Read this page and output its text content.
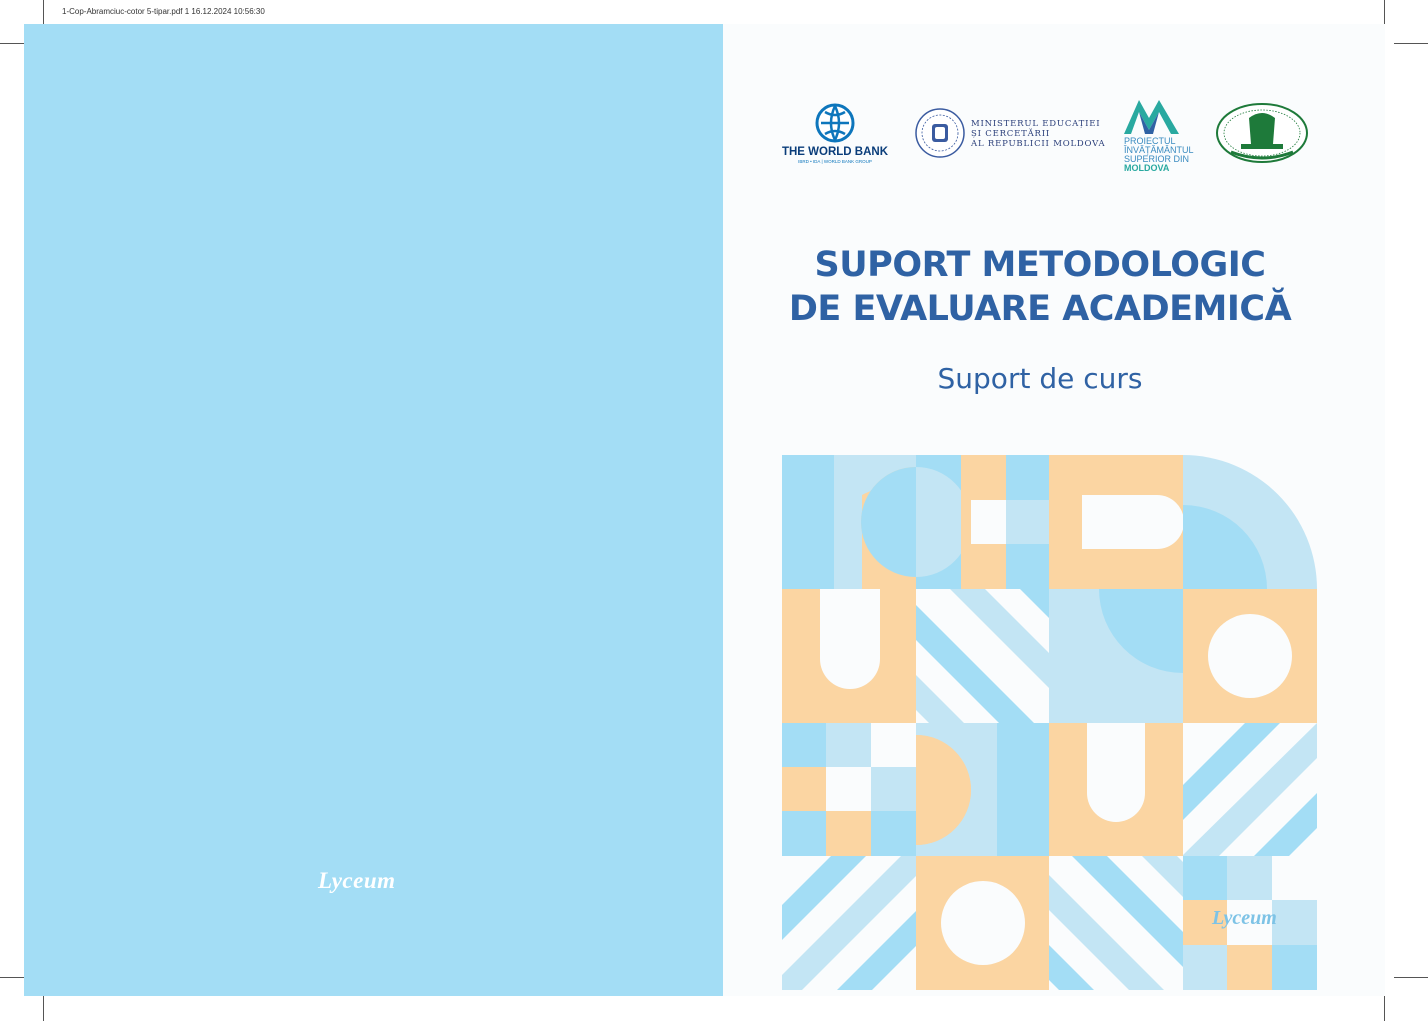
1-Cop-Abramciuc-cotor 5-tipar.pdf 1 16.12.2024 10:56:30
Lyceum
THE WORLD BANK
IBRD • IDA | WORLD BANK GROUP
MINISTERUL EDUCAȚIEI
ȘI CERCETĂRII
AL REPUBLICII MOLDOVA PROIECTUL
ÎNVĂȚĂMÂNTUL
SUPERIOR DIN
MOLDOVA
SUPORT METODOLOGIC
DE EVALUARE ACADEMICĂ
Suport de curs
Lyceum
